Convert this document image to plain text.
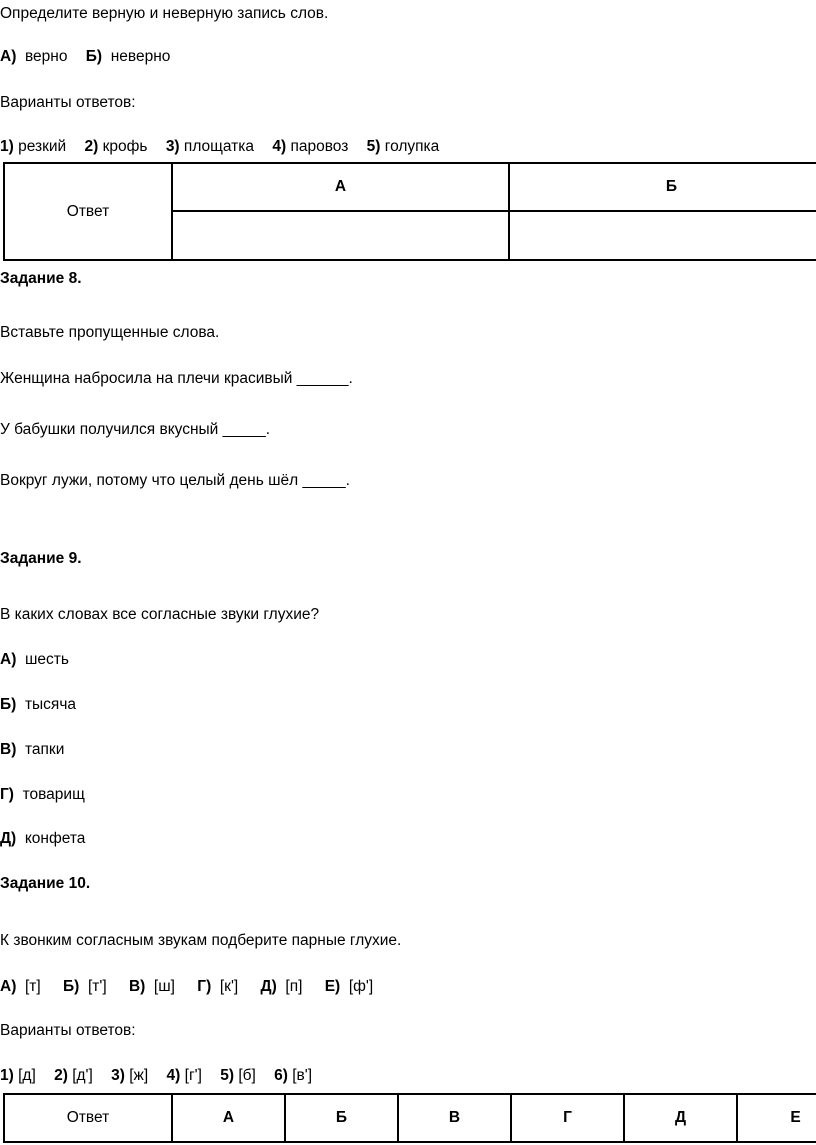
Определите верную и неверную запись слов.
А) верно Б) неверно
Варианты ответов:
1) резкий 2) крофь 3) площатка 4) паровоз 5) голупка
Ответ	А	Б

Задание 8.
Вставьте пропущенные слова.
Женщина набросила на плечи красивый ______.
У бабушки получился вкусный _____.
Вокруг лужи, потому что целый день шёл _____.
Задание 9.
В каких словах все согласные звуки глухие?
А) шесть
Б) тысяча
В) тапки
Г) товарищ
Д) конфета
Задание 10.
К звонким согласным звукам подберите парные глухие.
А) [т] Б) [т'] В) [ш] Г) [к'] Д) [п] Е) [ф']
Варианты ответов:
1) [д] 2) [д'] 3) [ж] 4) [г'] 5) [б] 6) [в']
Ответ	А	Б	В	Г	Д	Е
